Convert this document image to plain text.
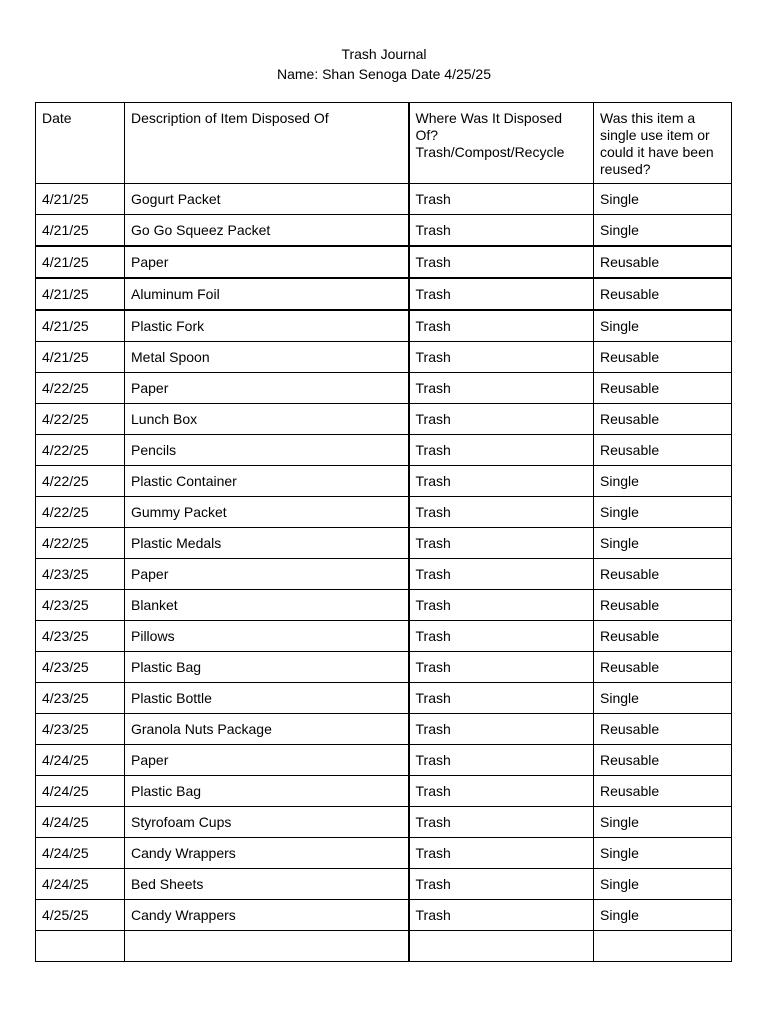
Trash Journal
Name: Shan Senoga Date 4/25/25
Date	Description of Item Disposed Of	Where Was It Disposed Of? Trash/Compost/Recycle	Was this item a single use item or could it have been reused?
4/21/25	Gogurt Packet	Trash	Single
4/21/25	Go Go Squeez Packet	Trash	Single
4/21/25	Paper	Trash	Reusable
4/21/25	Aluminum Foil	Trash	Reusable
4/21/25	Plastic Fork	Trash	Single
4/21/25	Metal Spoon	Trash	Reusable
4/22/25	Paper	Trash	Reusable
4/22/25	Lunch Box	Trash	Reusable
4/22/25	Pencils	Trash	Reusable
4/22/25	Plastic Container	Trash	Single
4/22/25	Gummy Packet	Trash	Single
4/22/25	Plastic Medals	Trash	Single
4/23/25	Paper	Trash	Reusable
4/23/25	Blanket	Trash	Reusable
4/23/25	Pillows	Trash	Reusable
4/23/25	Plastic Bag	Trash	Reusable
4/23/25	Plastic Bottle	Trash	Single
4/23/25	Granola Nuts Package	Trash	Reusable
4/24/25	Paper	Trash	Reusable
4/24/25	Plastic Bag	Trash	Reusable
4/24/25	Styrofoam Cups	Trash	Single
4/24/25	Candy Wrappers	Trash	Single
4/24/25	Bed Sheets	Trash	Single
4/25/25	Candy Wrappers	Trash	Single
